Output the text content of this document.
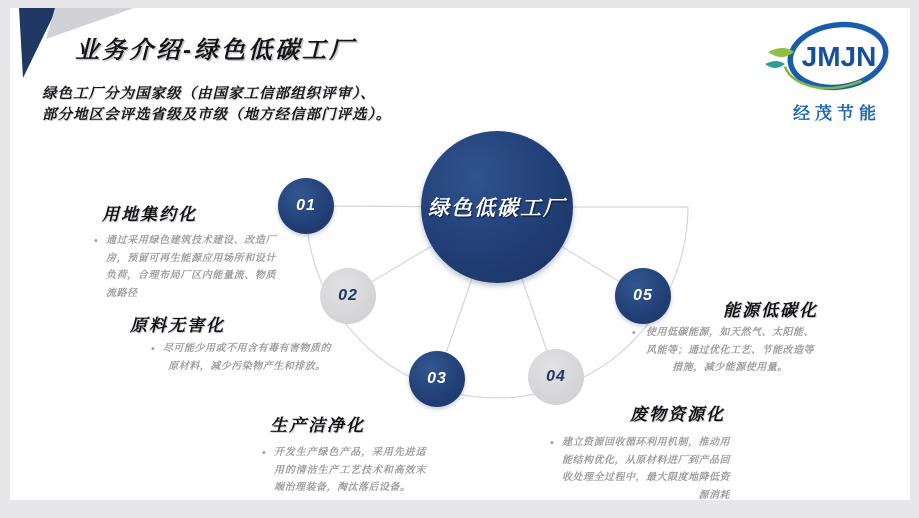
业务介绍-绿色低碳工厂
绿色工厂分为国家级（由国家工信部组织评审）、
部分地区会评选省级及市级（地方经信部门评选）。
JMJN
经茂节能
绿色低碳工厂
01
02
03	04
05
用地集约化
• 通过采用绿色建筑技术建设、改造厂房，预留可再生能源应用场所和设计负荷，合理布局厂区内能量流、物质流路径

原料无害化
• 尽可能少用或不用含有毒有害物质的原材料，减少污染物产生和排放。

生产洁净化
• 开发生产绿色产品，采用先进适用的清洁生产工艺技术和高效末端治理装备，淘汰落后设备。

废物资源化
• 建立资源回收循环利用机制，推动用能结构优化，从原材料进厂到产品回收处理全过程中，最大限度地降低资源消耗

能源低碳化
• 使用低碳能源，如天然气、太阳能、风能等；通过优化工艺、节能改造等措施，减少能源使用量。
